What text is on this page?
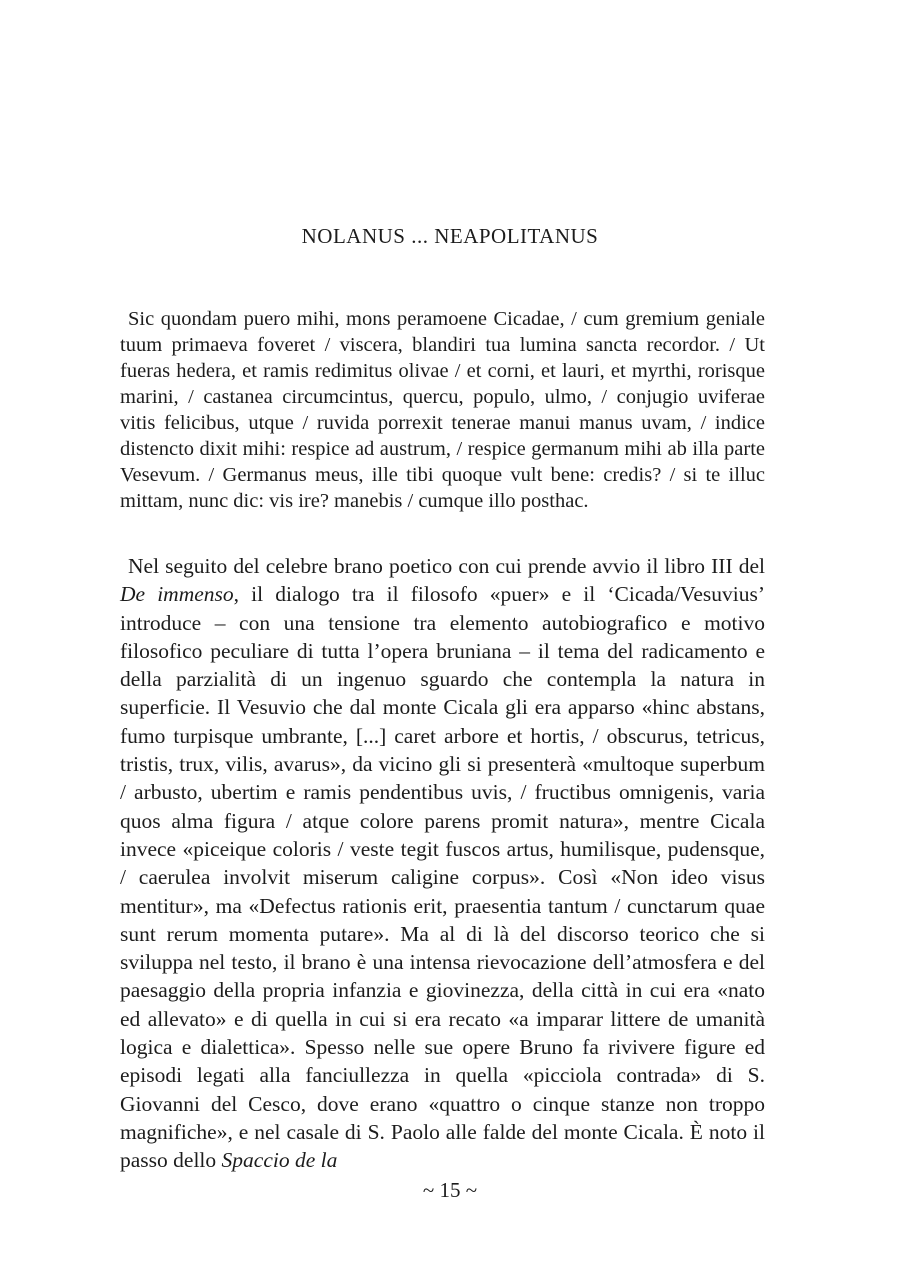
NOLANUS ... NEAPOLITANUS

Sic quondam puero mihi, mons peramoene Cicadae, / cum gremium geniale tuum primaeva foveret / viscera, blandiri tua lumina sancta recordor. / Ut fueras hedera, et ramis redimitus olivae / et corni, et lauri, et myrthi, rorisque marini, / castanea circumcintus, quercu, populo, ulmo, / conjugio uviferae vitis felicibus, utque / ruvida porrexit tenerae manui manus uvam, / indice distencto dixit mihi: respice ad austrum, / respice germanum mihi ab illa parte Vesevum. / Germanus meus, ille tibi quoque vult bene: credis? / si te illuc mittam, nunc dic: vis ire? manebis / cumque illo posthac.

Nel seguito del celebre brano poetico con cui prende avvio il libro III del De immenso, il dialogo tra il filosofo «puer» e il ‘Cicada/Vesuvius’ introduce – con una tensione tra elemento autobiografico e motivo filosofico peculiare di tutta l’opera bruniana – il tema del radicamento e della parzialità di un ingenuo sguardo che contempla la natura in superficie. Il Vesuvio che dal monte Cicala gli era apparso «hinc abstans, fumo turpisque umbrante, [...] caret arbore et hortis, / obscurus, tetricus, tristis, trux, vilis, avarus», da vicino gli si presenterà «multoque superbum / arbusto, ubertim e ramis pendentibus uvis, / fructibus omnigenis, varia quos alma figura / atque colore parens promit natura», mentre Cicala invece «piceique coloris / veste tegit fuscos artus, humilisque, pudensque, / caerulea involvit miserum caligine corpus». Così «Non ideo visus mentitur», ma «Defectus rationis erit, praesentia tantum / cunctarum quae sunt rerum momenta putare». Ma al di là del discorso teorico che si sviluppa nel testo, il brano è una intensa rievocazione dell’atmosfera e del paesaggio della propria infanzia e giovinezza, della città in cui era «nato ed allevato» e di quella in cui si era recato «a imparar littere de umanità logica e dialettica». Spesso nelle sue opere Bruno fa rivivere figure ed episodi legati alla fanciullezza in quella «picciola contrada» di S. Giovanni del Cesco, dove erano «quattro o cinque stanze non troppo magnifiche», e nel casale di S. Paolo alle falde del monte Cicala. È noto il passo dello Spaccio de la

~ 15 ~
